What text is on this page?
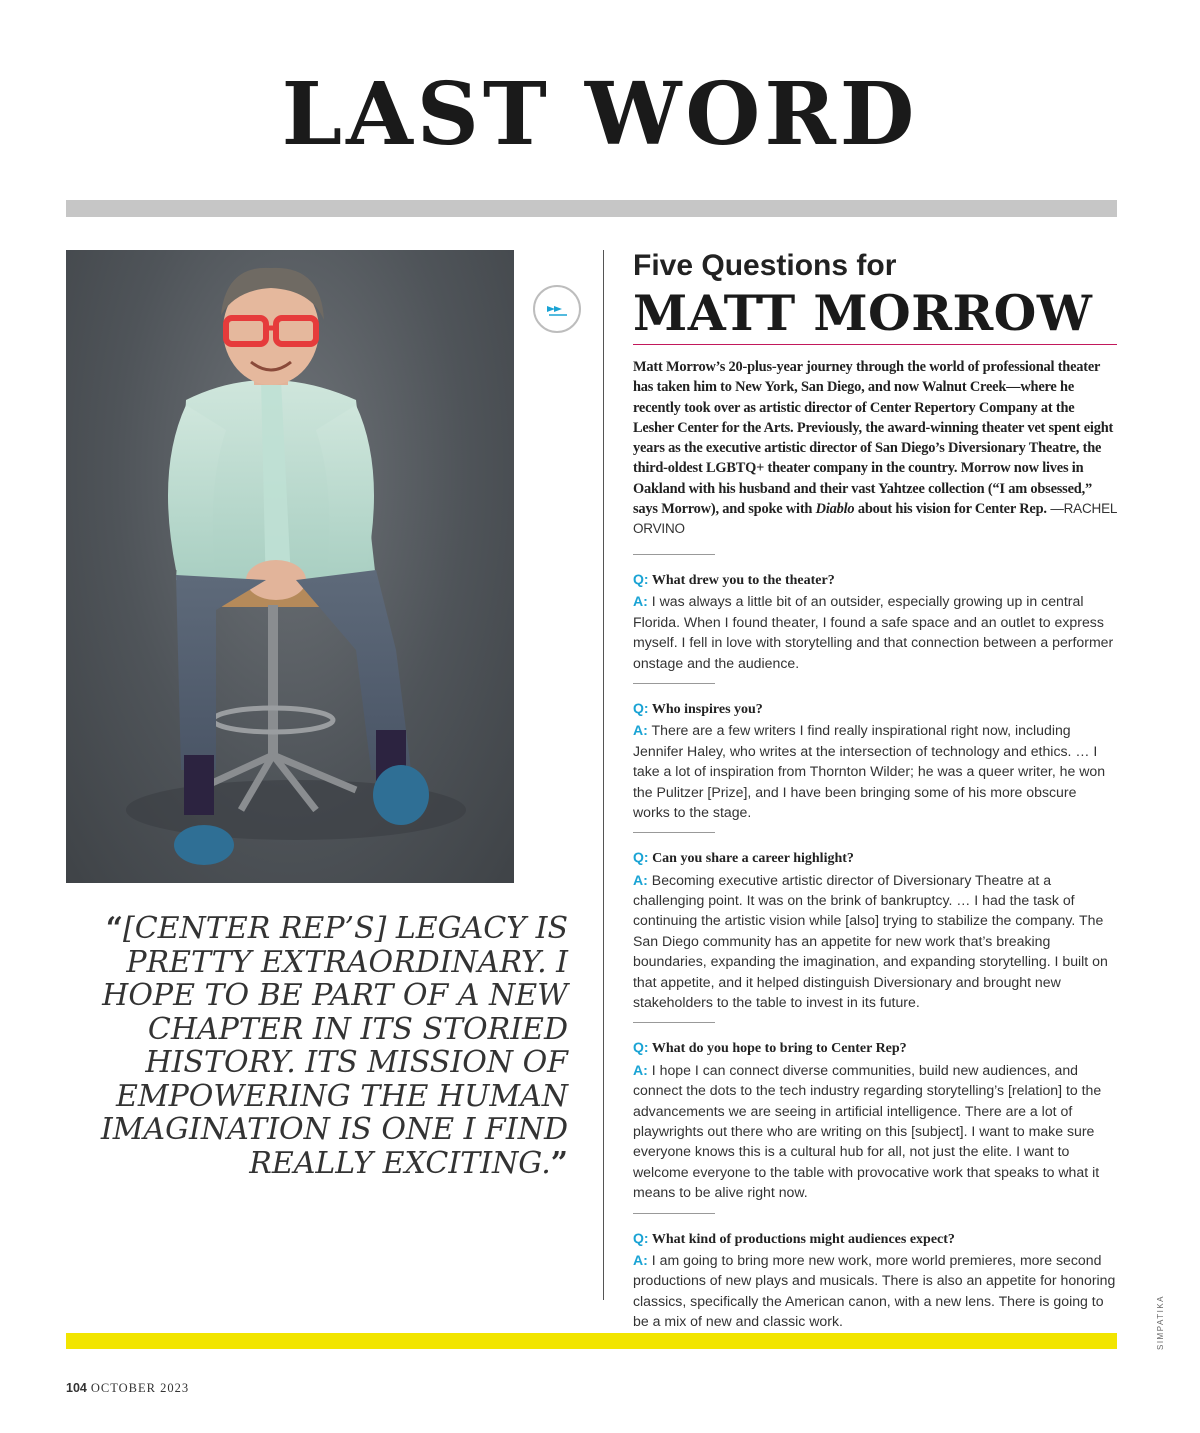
LAST WORD

“[CENTER REP’S] LEGACY IS PRETTY EXTRAORDINARY. I HOPE TO BE PART OF A NEW CHAPTER IN ITS STORIED HISTORY. ITS MISSION OF EMPOWERING THE HUMAN IMAGINATION IS ONE I FIND REALLY EXCITING.”

Five Questions for

MATT MORROW

Matt Morrow’s 20-plus-year journey through the world of professional theater has taken him to New York, San Diego, and now Walnut Creek—where he recently took over as artistic director of Center Repertory Company at the Lesher Center for the Arts. Previously, the award-winning theater vet spent eight years as the executive artistic director of San Diego’s Diversionary Theatre, the third-oldest LGBTQ+ theater company in the country. Morrow now lives in Oakland with his husband and their vast Yahtzee collection (“I am obsessed,” says Morrow), and spoke with Diablo about his vision for Center Rep. —RACHEL ORVINO

Q: What drew you to the theater?

A: I was always a little bit of an outsider, especially growing up in central Florida. When I found theater, I found a safe space and an outlet to express myself. I fell in love with storytelling and that connection between a performer onstage and the audience.

Q: Who inspires you?

A: There are a few writers I find really inspirational right now, including Jennifer Haley, who writes at the intersection of technology and ethics. … I take a lot of inspiration from Thornton Wilder; he was a queer writer, he won the Pulitzer [Prize], and I have been bringing some of his more obscure works to the stage.

Q: Can you share a career highlight?

A: Becoming executive artistic director of Diversionary Theatre at a challenging point. It was on the brink of bankruptcy. … I had the task of continuing the artistic vision while [also] trying to stabilize the company. The San Diego community has an appetite for new work that’s breaking boundaries, expanding the imagination, and expanding storytelling. I built on that appetite, and it helped distinguish Diversionary and brought new stakeholders to the table to invest in its future.

Q: What do you hope to bring to Center Rep?

A: I hope I can connect diverse communities, build new audiences, and connect the dots to the tech industry regarding storytelling’s [relation] to the advancements we are seeing in artificial intelligence. There are a lot of playwrights out there who are writing on this [subject]. I want to make sure everyone knows this is a cultural hub for all, not just the elite. I want to welcome everyone to the table with provocative work that speaks to what it means to be alive right now.

Q: What kind of productions might audiences expect?

A: I am going to bring more new work, more world premieres, more second productions of new plays and musicals. There is also an appetite for honoring classics, specifically the American canon, with a new lens. There is going to be a mix of new and classic work.	SIMPATIKA
104 OCTOBER 2023
